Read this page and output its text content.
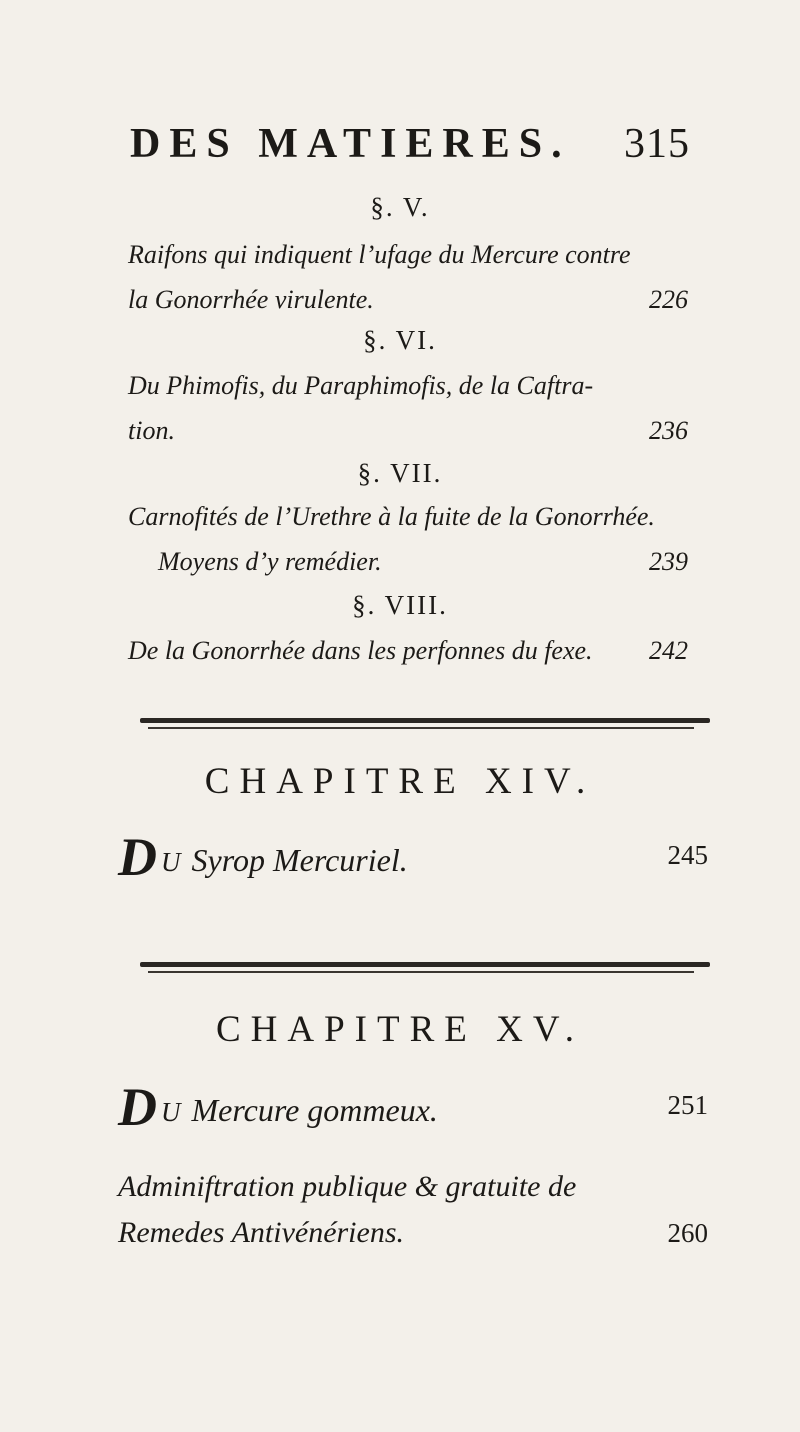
DES MATIERES. 315
§. V.
Raifons qui indiquent l’ufage du Mercure contre
la Gonorrhée virulente.	226
§. VI.
Du Phimofis, du Paraphimofis, de la Caftra-
tion.	236
§. VII.
Carnofités de l’Urethre à la fuite de la Gonorrhée.
Moyens d’y remédier.	239
§. VIII.
De la Gonorrhée dans les perfonnes du fexe. 242
CHAPITRE XIV.
D U Syrop Mercuriel.	245
CHAPITRE XV.
D U Mercure gommeux.	251
Adminiftration publique & gratuite de
Remedes Antivénériens.	260
